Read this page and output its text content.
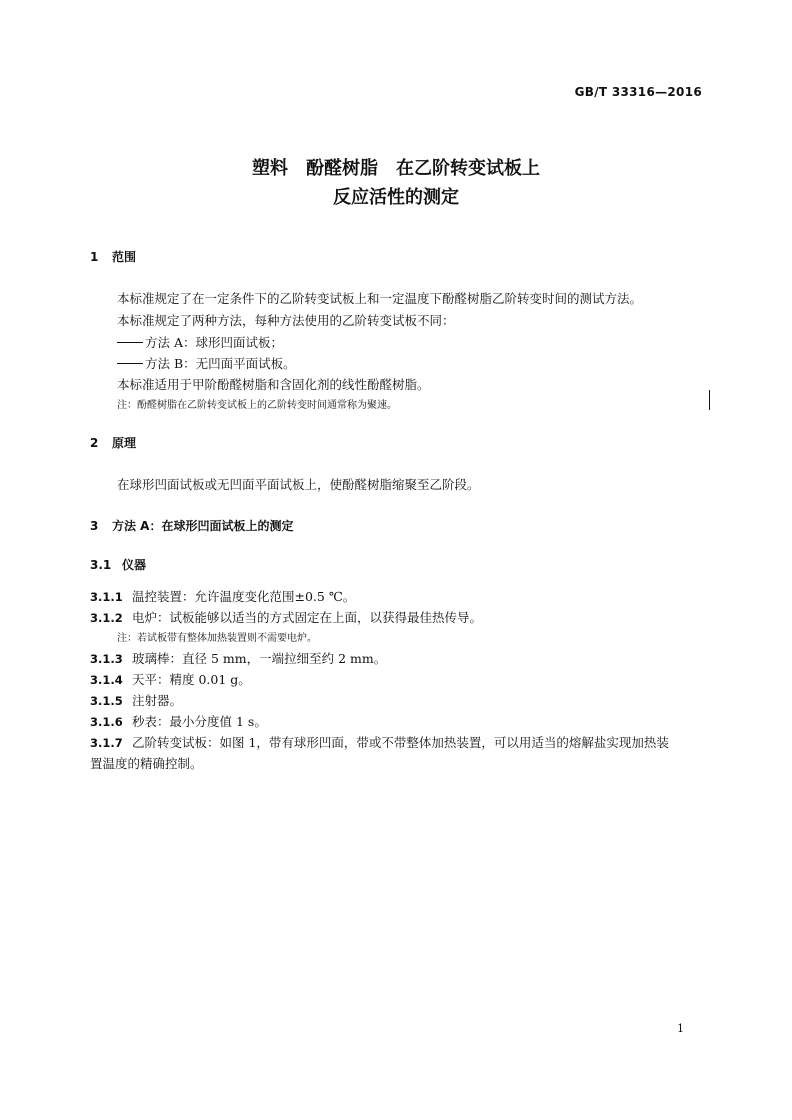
GB/T 33316—2016
塑料　酚醛树脂　在乙阶转变试板上
反应活性的测定
1 范围
本标准规定了在一定条件下的乙阶转变试板上和一定温度下酚醛树脂乙阶转变时间的测试方法。
本标准规定了两种方法，每种方法使用的乙阶转变试板不同：
方法 A：球形凹面试板；
方法 B：无凹面平面试板。
本标准适用于甲阶酚醛树脂和含固化剂的线性酚醛树脂。
注：酚醛树脂在乙阶转变试板上的乙阶转变时间通常称为聚速。
2 原理
在球形凹面试板或无凹面平面试板上，使酚醛树脂缩聚至乙阶段。
3 方法 A：在球形凹面试板上的测定
3.1 仪器
3.1.1 温控装置：允许温度变化范围±0.5 ℃。
3.1.2 电炉：试板能够以适当的方式固定在上面，以获得最佳热传导。
注：若试板带有整体加热装置则不需要电炉。
3.1.3 玻璃棒：直径 5 mm，一端拉细至约 2 mm。
3.1.4 天平：精度 0.01 g。
3.1.5 注射器。
3.1.6 秒表：最小分度值 1 s。
3.1.7 乙阶转变试板：如图 1，带有球形凹面，带或不带整体加热装置，可以用适当的熔解盐实现加热装
置温度的精确控制。
1
